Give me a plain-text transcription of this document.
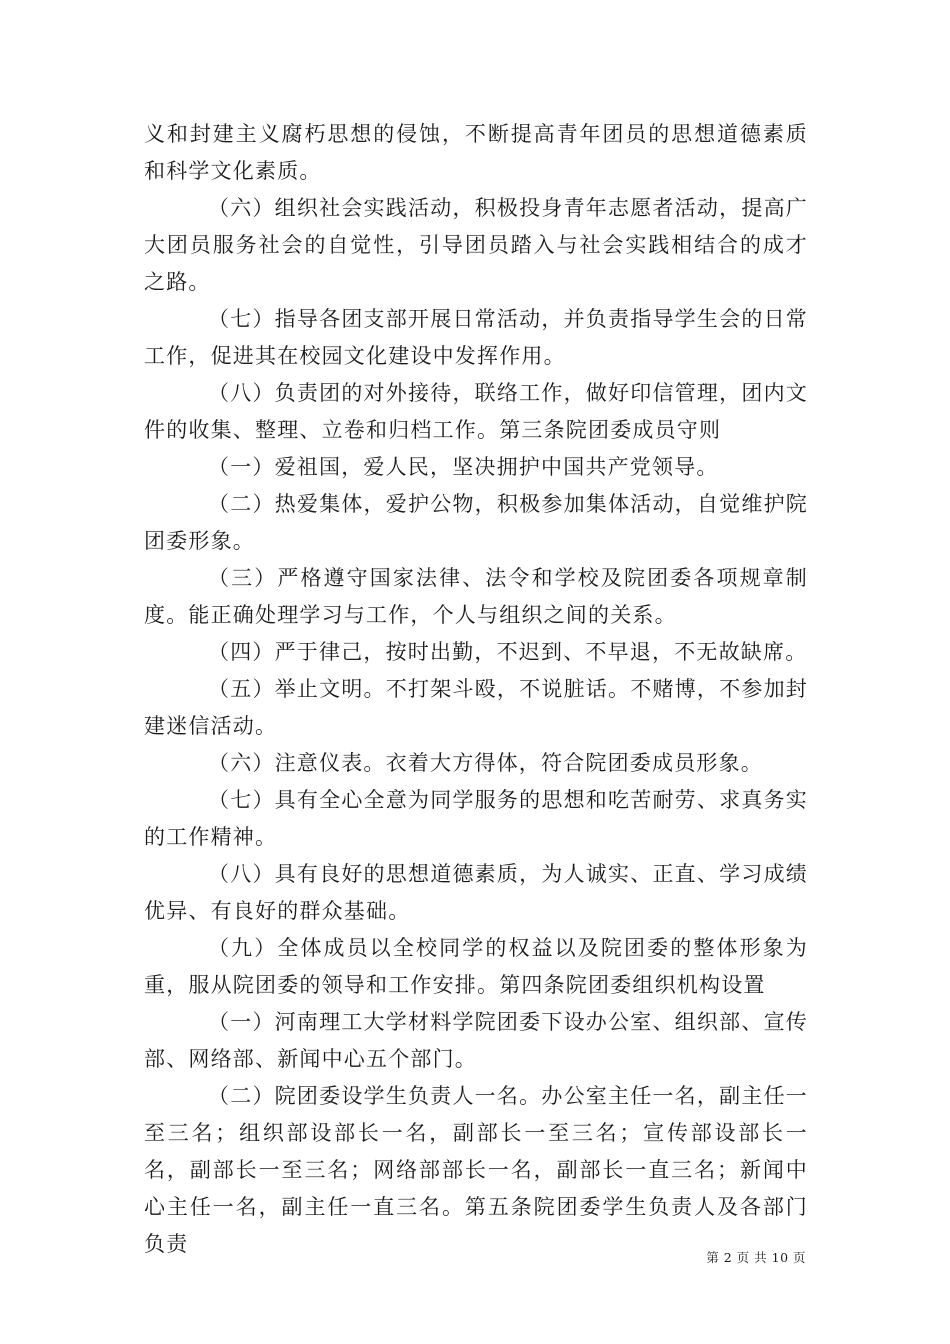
义和封建主义腐朽思想的侵蚀，不断提高青年团员的思想道德素质和科学文化素质。

（六）组织社会实践活动，积极投身青年志愿者活动，提高广大团员服务社会的自觉性，引导团员踏入与社会实践相结合的成才之路。

（七）指导各团支部开展日常活动，并负责指导学生会的日常工作，促进其在校园文化建设中发挥作用。

（八）负责团的对外接待，联络工作，做好印信管理，团内文件的收集、整理、立卷和归档工作。第三条院团委成员守则

（一）爱祖国，爱人民，坚决拥护中国共产党领导。

（二）热爱集体，爱护公物，积极参加集体活动，自觉维护院团委形象。

（三）严格遵守国家法律、法令和学校及院团委各项规章制度。能正确处理学习与工作，个人与组织之间的关系。

（四）严于律己，按时出勤，不迟到、不早退，不无故缺席。

（五）举止文明。不打架斗殴，不说脏话。不赌博，不参加封建迷信活动。

（六）注意仪表。衣着大方得体，符合院团委成员形象。

（七）具有全心全意为同学服务的思想和吃苦耐劳、求真务实的工作精神。

（八）具有良好的思想道德素质，为人诚实、正直、学习成绩优异、有良好的群众基础。

（九）全体成员以全校同学的权益以及院团委的整体形象为重，服从院团委的领导和工作安排。第四条院团委组织机构设置

（一）河南理工大学材料学院团委下设办公室、组织部、宣传部、网络部、新闻中心五个部门。

（二）院团委设学生负责人一名。办公室主任一名，副主任一至三名；组织部设部长一名，副部长一至三名；宣传部设部长一名，副部长一至三名；网络部部长一名，副部长一直三名；新闻中心主任一名，副主任一直三名。第五条院团委学生负责人及各部门负责

第 2 页 共 10 页
